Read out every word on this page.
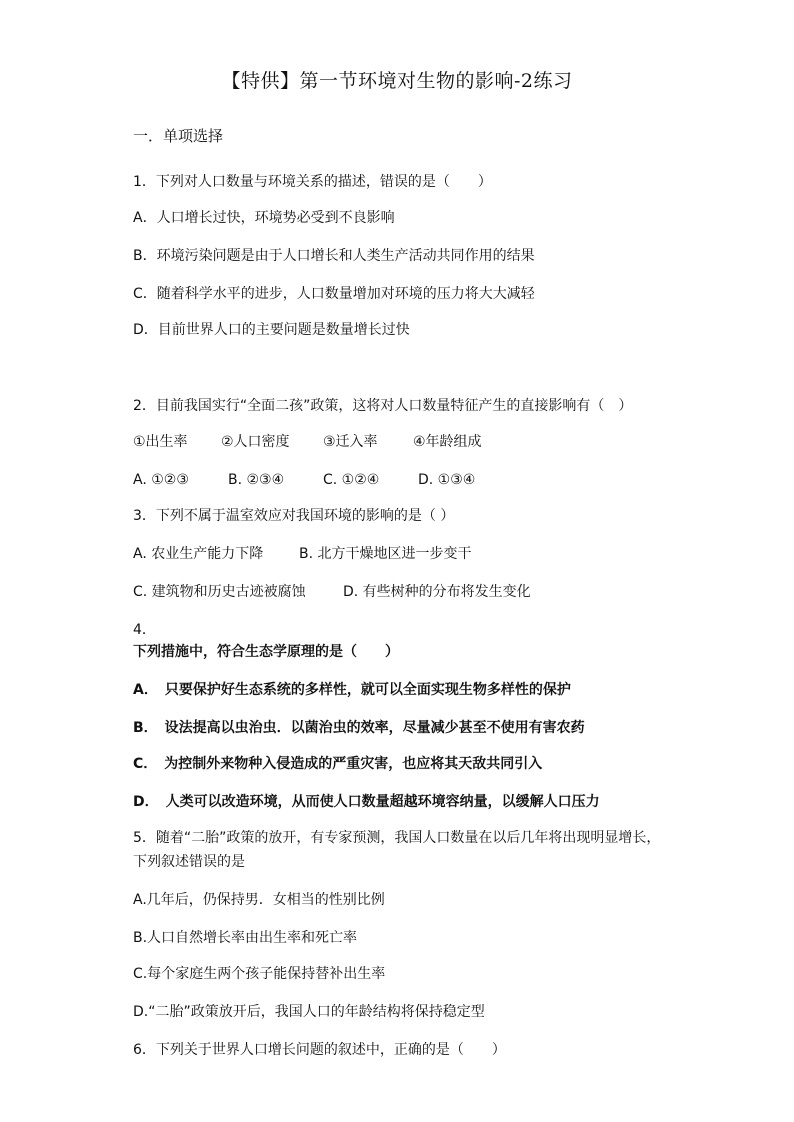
【特供】第一节环境对生物的影响-2练习
一．单项选择
1．下列对人口数量与环境关系的描述，错误的是（　　）
A．人口增长过快，环境势必受到不良影响
B．环境污染问题是由于人口增长和人类生产活动共同作用的结果
C．随着科学水平的进步，人口数量增加对环境的压力将大大减轻
D．目前世界人口的主要问题是数量增长过快
2．目前我国实行“全面二孩”政策，这将对人口数量特征产生的直接影响有（　）
①出生率 ②人口密度 ③迁入率	④年龄组成
A. ①②③	B. ②③④	C. ①②④	D. ①③④
3．下列不属于温室效应对我国环境的影响的是（ ）
A. 农业生产能力下降	B. 北方干燥地区进一步变干
C. 建筑物和历史古迹被腐蚀	D. 有些树种的分布将发生变化
4．
下列措施中，符合生态学原理的是（　　）
A．　只要保护好生态系统的多样性，就可以全面实现生物多样性的保护
B．　设法提高以虫治虫．以菌治虫的效率，尽量减少甚至不使用有害农药
C．　为控制外来物种入侵造成的严重灾害，也应将其天敌共同引入
D．　人类可以改造环境，从而使人口数量超越环境容纳量，以缓解人口压力
5．随着“二胎”政策的放开，有专家预测，我国人口数量在以后几年将出现明显增长，下列叙述错误的是
A.几年后，仍保持男．女相当的性别比例
B.人口自然增长率由出生率和死亡率
C.每个家庭生两个孩子能保持替补出生率
D.“二胎”政策放开后，我国人口的年龄结构将保持稳定型
6．下列关于世界人口增长问题的叙述中，正确的是（　　）
